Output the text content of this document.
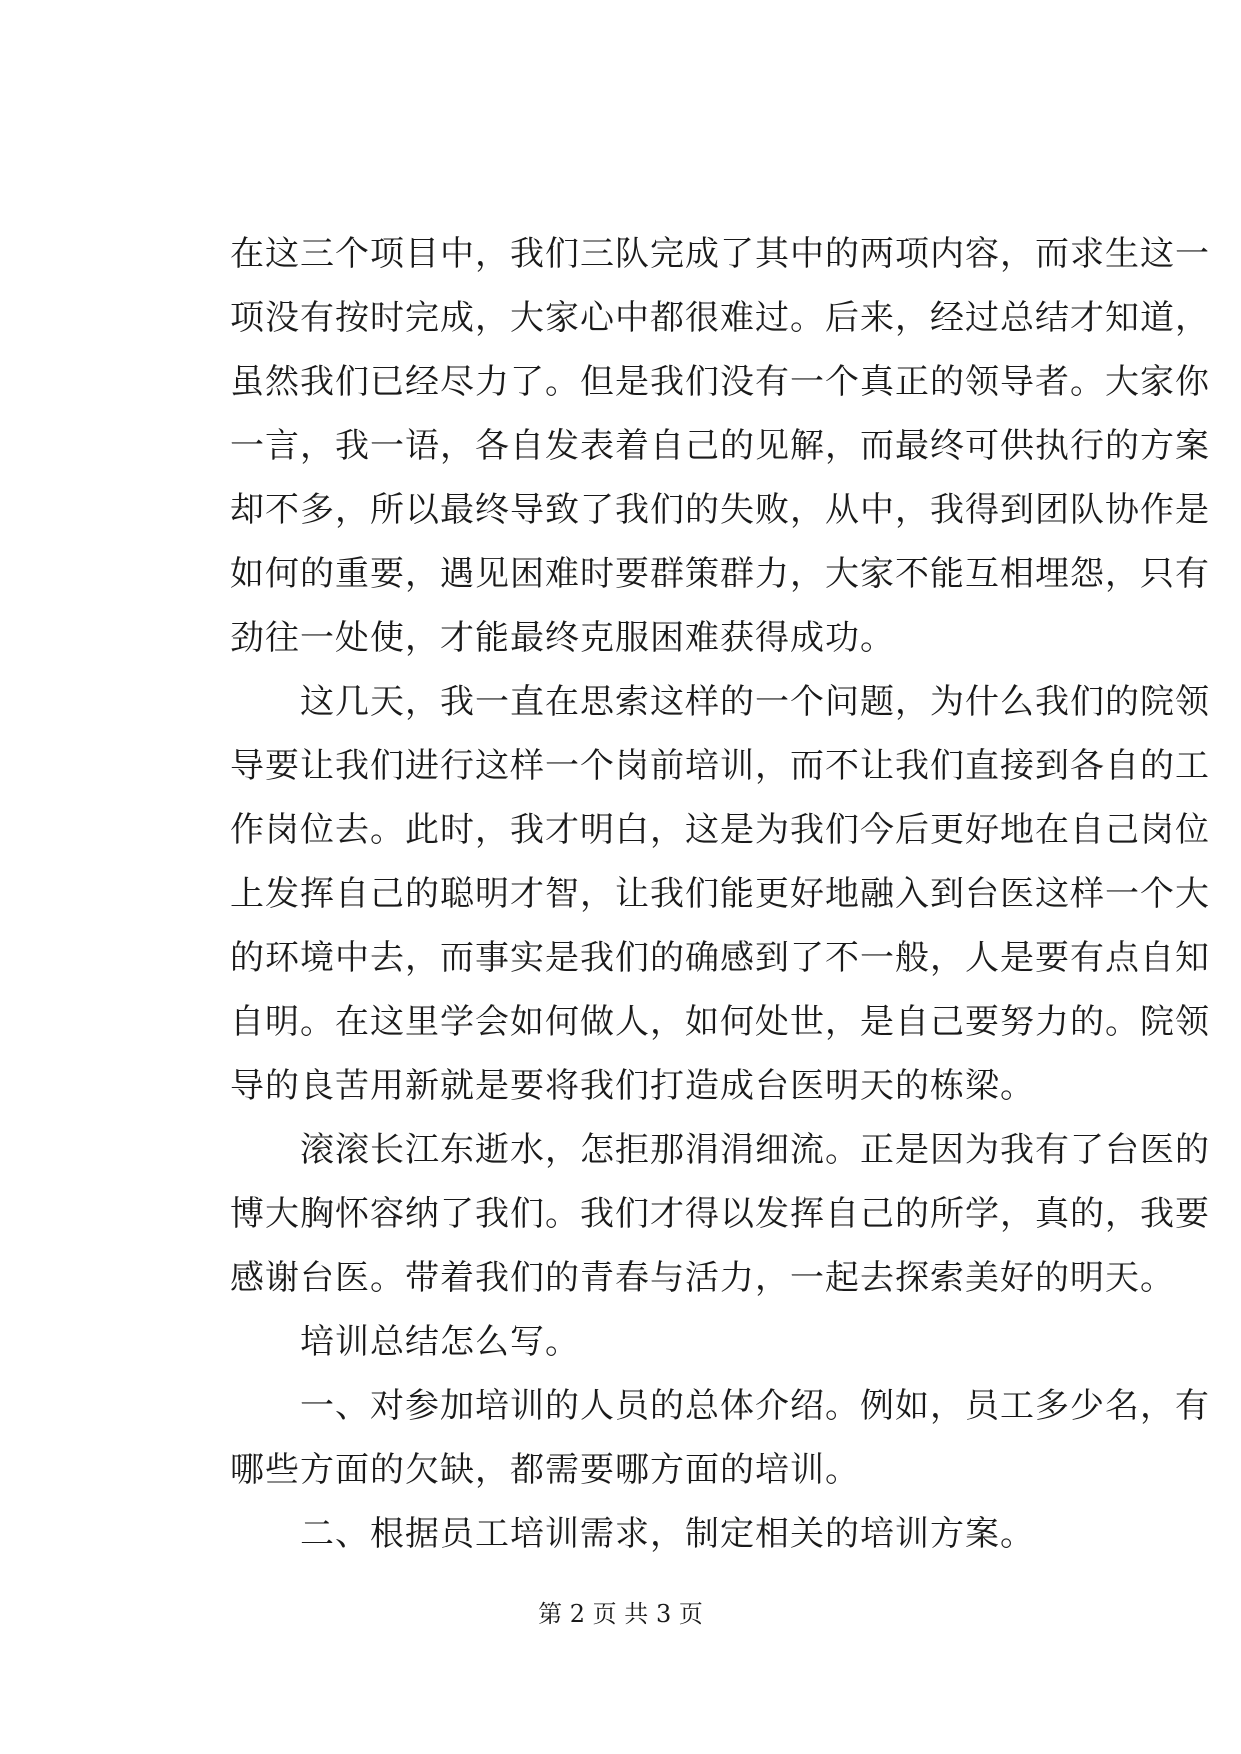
在这三个项目中，我们三队完成了其中的两项内容，而求生这一
项没有按时完成，大家心中都很难过。后来，经过总结才知道，
虽然我们已经尽力了。但是我们没有一个真正的领导者。大家你
一言，我一语，各自发表着自己的见解，而最终可供执行的方案
却不多，所以最终导致了我们的失败，从中，我得到团队协作是
如何的重要，遇见困难时要群策群力，大家不能互相埋怨，只有
劲往一处使，才能最终克服困难获得成功。
　　这几天，我一直在思索这样的一个问题，为什么我们的院领
导要让我们进行这样一个岗前培训，而不让我们直接到各自的工
作岗位去。此时，我才明白，这是为我们今后更好地在自己岗位
上发挥自己的聪明才智，让我们能更好地融入到台医这样一个大
的环境中去，而事实是我们的确感到了不一般，人是要有点自知
自明。在这里学会如何做人，如何处世，是自己要努力的。院领
导的良苦用新就是要将我们打造成台医明天的栋梁。
　　滚滚长江东逝水，怎拒那涓涓细流。正是因为我有了台医的
博大胸怀容纳了我们。我们才得以发挥自己的所学，真的，我要
感谢台医。带着我们的青春与活力，一起去探索美好的明天。
　　培训总结怎么写。
　　一、对参加培训的人员的总体介绍。例如，员工多少名，有
哪些方面的欠缺，都需要哪方面的培训。
　　二、根据员工培训需求，制定相关的培训方案。
第 2 页 共 3 页
